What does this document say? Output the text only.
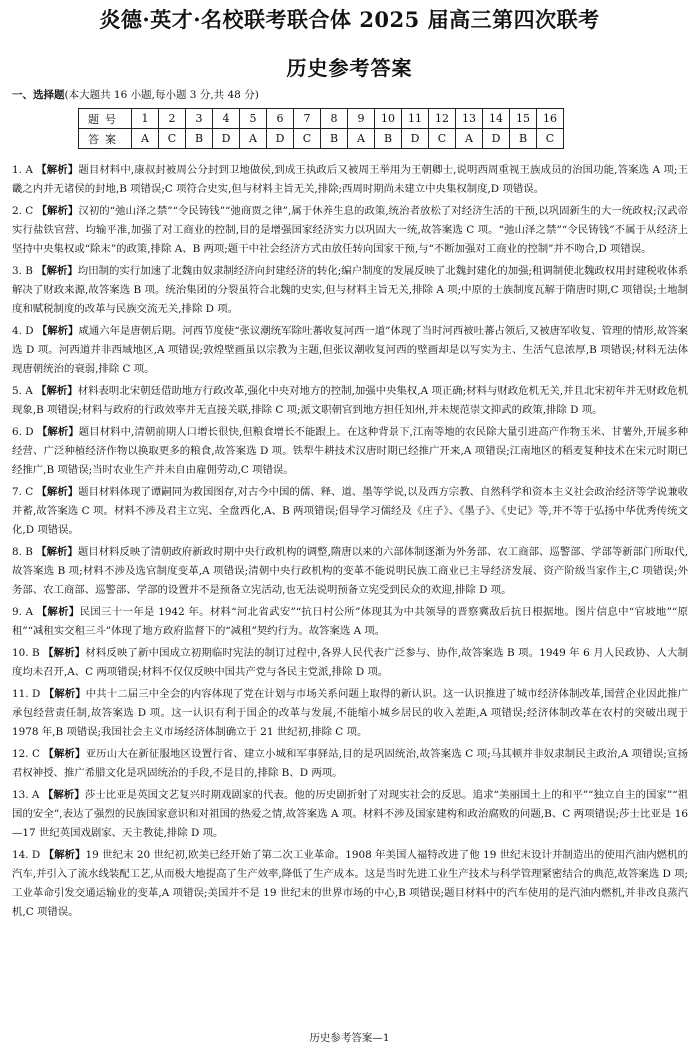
炎德·英才·名校联考联合体 2025 届高三第四次联考
历史参考答案
一、选择题(本大题共 16 小题,每小题 3 分,共 48 分)
题号	1	2	3	4	5	6	7	8	9	10	11	12	13	14	15	16
答案	A	C	B	D	A	D	C	B	A	B	D	C	A	D	B	C

1. A 【解析】题目材料中,康叔封被周公分封到卫地做侯,到成王执政后又被周王举用为王朝卿士,说明西周重视王族成员的治国功能,答案选 A 项;王畿之内并无诸侯的封地,B 项错误;C 项符合史实,但与材料主旨无关,排除;西周时期尚未建立中央集权制度,D 项错误。

2. C 【解析】汉初的“弛山泽之禁”“令民铸钱”“弛商贾之律”,属于休养生息的政策,统治者放松了对经济生活的干预,以巩固新生的大一统政权;汉武帝实行盐铁官营、均输平准,加强了对工商业的控制,目的是增强国家经济实力以巩固大一统,故答案选 C 项。“弛山泽之禁”“令民铸钱”不属于从经济上坚持中央集权或“除末”的政策,排除 A、B 两项;题干中社会经济方式由放任转向国家干预,与“不断加强对工商业的控制”并不吻合,D 项错误。

3. B 【解析】均田制的实行加速了北魏由奴隶制经济向封建经济的转化;编户制度的发展反映了北魏封建化的加强;租调制使北魏政权用封建税收体系解决了财政来源,故答案选 B 项。统治集团的分裂虽符合北魏的史实,但与材料主旨无关,排除 A 项;中原的士族制度瓦解于隋唐时期,C 项错误;土地制度和赋税制度的改革与民族交流无关,排除 D 项。

4. D 【解析】咸通六年是唐朝后期。河西节度使“张议潮统军除吐蕃收复河西一道”体现了当时河西被吐蕃占领后,又被唐军收复、管理的情形,故答案选 D 项。河西道并非西域地区,A 项错误;敦煌壁画虽以宗教为主题,但张议潮收复河西的壁画却是以写实为主、生活气息浓厚,B 项错误;材料无法体现唐朝统治的衰弱,排除 C 项。

5. A 【解析】材料表明北宋朝廷借助地方行政改革,强化中央对地方的控制,加强中央集权,A 项正确;材料与财政危机无关,并且北宋初年并无财政危机现象,B 项错误;材料与政府的行政效率并无直接关联,排除 C 项;派文职朝官到地方担任知州,并未规范崇文抑武的政策,排除 D 项。

6. D 【解析】题目材料中,清朝前期人口增长很快,但粮食增长不能跟上。在这种背景下,江南等地的农民除大量引进高产作物玉米、甘薯外,开展多种经营、广泛种植经济作物以换取更多的粮食,故答案选 D 项。铁犁牛耕技术汉唐时期已经推广开来,A 项错误;江南地区的稻麦复种技术在宋元时期已经推广,B 项错误;当时农业生产并未自由雇佣劳动,C 项错误。

7. C 【解析】题目材料体现了谭嗣同为救国图存,对古今中国的儒、释、道、墨等学说,以及西方宗教、自然科学和资本主义社会政治经济等学说兼收并蓄,故答案选 C 项。材料不涉及君主立宪、全盘西化,A、B 两项错误;倡导学习儒经及《庄子》、《墨子》、《史记》等,并不等于弘扬中华优秀传统文化,D 项错误。

8. B 【解析】题目材料反映了清朝政府新政时期中央行政机构的调整,隋唐以来的六部体制逐渐为外务部、农工商部、巡警部、学部等新部门所取代,故答案选 B 项;材料不涉及选官制度变革,A 项错误;清朝中央行政机构的变革不能说明民族工商业已主导经济发展、资产阶级当家作主,C 项错误;外务部、农工商部、巡警部、学部的设置并不是预备立宪活动,也无法说明预备立宪受到民众的欢迎,排除 D 项。

9. A 【解析】民国三十一年是 1942 年。材料“河北省武安”“抗日村公所”体现其为中共领导的晋察冀敌后抗日根据地。图片信息中“官坡地”“原租”“减租实交租三斗”体现了地方政府监督下的“减租”契约行为。故答案选 A 项。

10. B 【解析】材料反映了新中国成立初期临时宪法的制订过程中,各界人民代表广泛参与、协作,故答案选 B 项。1949 年 6 月人民政协、人大制度均未召开,A、C 两项错误;材料不仅仅反映中国共产党与各民主党派,排除 D 项。

11. D 【解析】中共十二届三中全会的内容体现了党在计划与市场关系问题上取得的新认识。这一认识推进了城市经济体制改革,国营企业因此推广承包经营责任制,故答案选 D 项。这一认识有利于国企的改革与发展,不能缩小城乡居民的收入差距,A 项错误;经济体制改革在农村的突破出现于 1978 年,B 项错误;我国社会主义市场经济体制确立于 21 世纪初,排除 C 项。

12. C 【解析】亚历山大在新征服地区设置行省、建立小城和军事驿站,目的是巩固统治,故答案选 C 项;马其顿并非奴隶制民主政治,A 项错误;宣扬君权神授、推广希腊文化是巩固统治的手段,不是目的,排除 B、D 两项。

13. A 【解析】莎士比亚是英国文艺复兴时期戏剧家的代表。他的历史剧折射了对现实社会的反思。追求“美丽国土上的和平”“独立自主的国家”“祖国的安全”,表达了强烈的民族国家意识和对祖国的热爱之情,故答案选 A 项。材料不涉及国家建构和政治腐败的问题,B、C 两项错误;莎士比亚是 16—17 世纪英国戏剧家、天主教徒,排除 D 项。

14. D 【解析】19 世纪末 20 世纪初,欧美已经开始了第二次工业革命。1908 年美国人福特改进了他 19 世纪末设计并制造出的使用汽油内燃机的汽车,并引入了流水线装配工艺,从而极大地提高了生产效率,降低了生产成本。这是当时先进工业生产技术与科学管理紧密结合的典范,故答案选 D 项;工业革命引发交通运输业的变革,A 项错误;美国并不是 19 世纪末的世界市场的中心,B 项错误;题目材料中的汽车使用的是汽油内燃机,并非改良蒸汽机,C 项错误。

历史参考答案—1
